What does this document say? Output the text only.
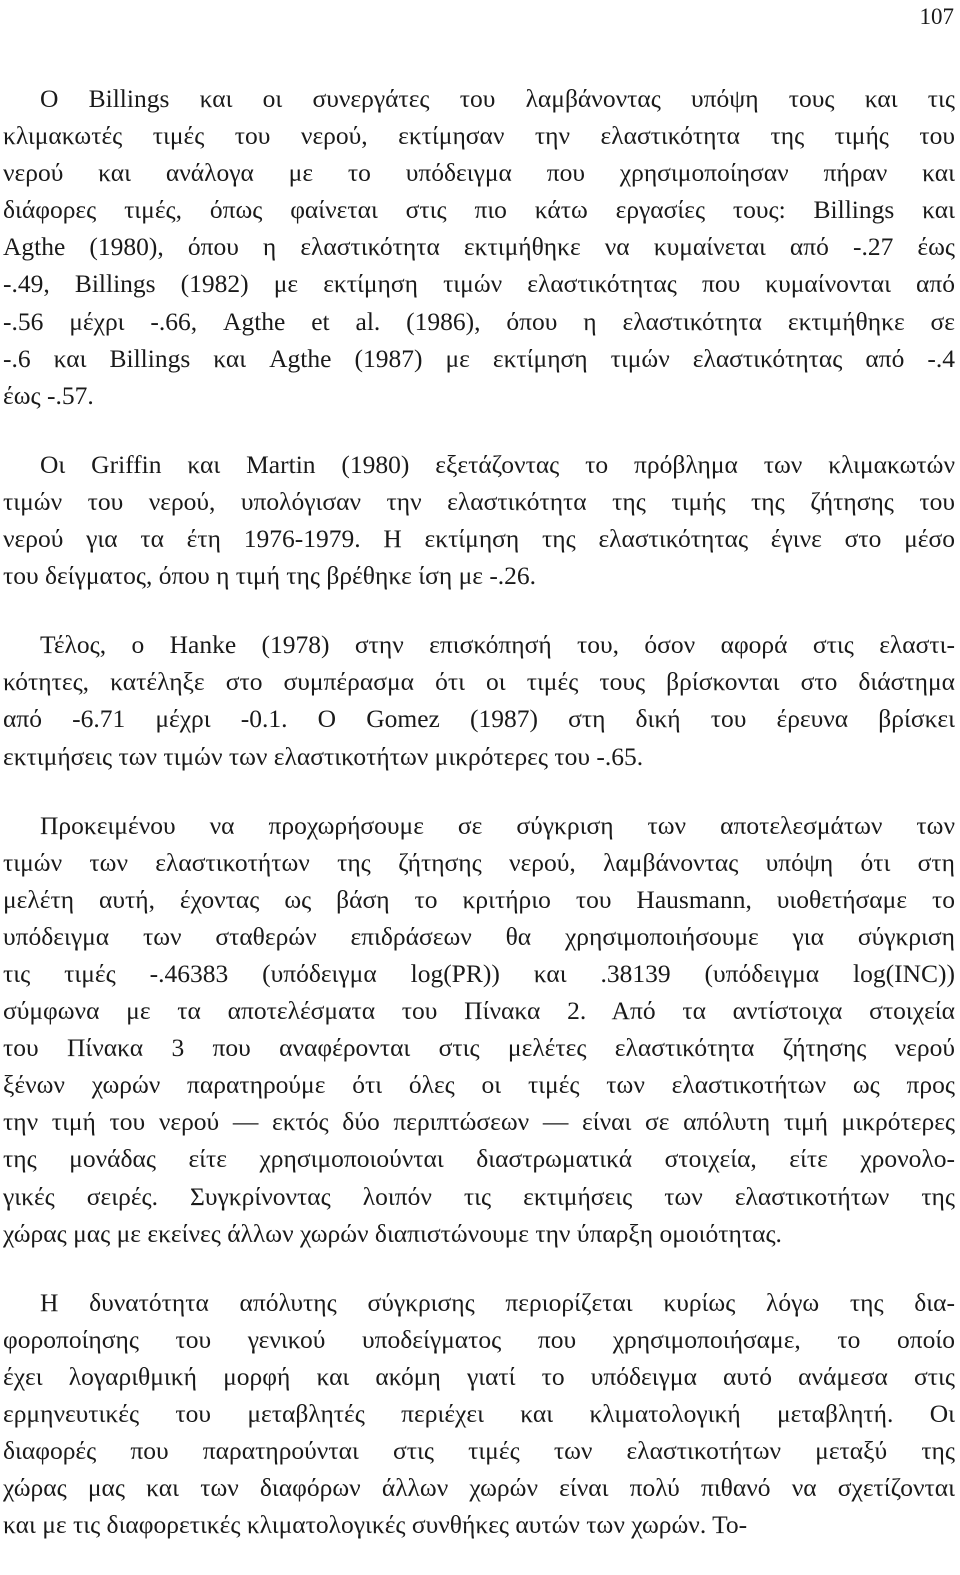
107
Ο Billings και οι συνεργάτες του λαμβάνοντας υπόψη τους και τις
κλιμακωτές τιμές του νερού, εκτίμησαν την ελαστικότητα της τιμής του
νερού και ανάλογα με το υπόδειγμα που χρησιμοποίησαν πήραν και
διάφορες τιμές, όπως φαίνεται στις πιο κάτω εργασίες τους: Billings και
Agthe (1980), όπου η ελαστικότητα εκτιμήθηκε να κυμαίνεται από -.27 έως
-.49, Billings (1982) με εκτίμηση τιμών ελαστικότητας που κυμαίνονται από
-.56 μέχρι -.66, Agthe et al. (1986), όπου η ελαστικότητα εκτιμήθηκε σε
-.6 και Billings και Agthe (1987) με εκτίμηση τιμών ελαστικότητας από -.4
έως -.57.
Οι Griffin και Martin (1980) εξετάζοντας το πρόβλημα των κλιμακωτών
τιμών του νερού, υπολόγισαν την ελαστικότητα της τιμής της ζήτησης του
νερού για τα έτη 1976-1979. Η εκτίμηση της ελαστικότητας έγινε στο μέσο
του δείγματος, όπου η τιμή της βρέθηκε ίση με -.26.
Τέλος, ο Hanke (1978) στην επισκόπησή του, όσον αφορά στις ελαστι-
κότητες, κατέληξε στο συμπέρασμα ότι οι τιμές τους βρίσκονται στο διάστημα
από -6.71 μέχρι -0.1. Ο Gomez (1987) στη δική του έρευνα βρίσκει
εκτιμήσεις των τιμών των ελαστικοτήτων μικρότερες του -.65.
Προκειμένου να προχωρήσουμε σε σύγκριση των αποτελεσμάτων των
τιμών των ελαστικοτήτων της ζήτησης νερού, λαμβάνοντας υπόψη ότι στη
μελέτη αυτή, έχοντας ως βάση το κριτήριο του Hausmann, υιοθετήσαμε το
υπόδειγμα των σταθερών επιδράσεων θα χρησιμοποιήσουμε για σύγκριση
τις τιμές -.46383 (υπόδειγμα log(PR)) και .38139 (υπόδειγμα log(INC))
σύμφωνα με τα αποτελέσματα του Πίνακα 2. Από τα αντίστοιχα στοιχεία
του Πίνακα 3 που αναφέρονται στις μελέτες ελαστικότητα ζήτησης νερού
ξένων χωρών παρατηρούμε ότι όλες οι τιμές των ελαστικοτήτων ως προς
την τιμή του νερού — εκτός δύο περιπτώσεων — είναι σε απόλυτη τιμή μικρότερες
της μονάδας είτε χρησιμοποιούνται διαστρωματικά στοιχεία, είτε χρονολο-
γικές σειρές. Συγκρίνοντας λοιπόν τις εκτιμήσεις των ελαστικοτήτων της
χώρας μας με εκείνες άλλων χωρών διαπιστώνουμε την ύπαρξη ομοιότητας.
Η δυνατότητα απόλυτης σύγκρισης περιορίζεται κυρίως λόγω της δια-
φοροποίησης του γενικού υποδείγματος που χρησιμοποιήσαμε, το οποίο
έχει λογαριθμική μορφή και ακόμη γιατί το υπόδειγμα αυτό ανάμεσα στις
ερμηνευτικές του μεταβλητές περιέχει και κλιματολογική μεταβλητή. Οι
διαφορές που παρατηρούνται στις τιμές των ελαστικοτήτων μεταξύ της
χώρας μας και των διαφόρων άλλων χωρών είναι πολύ πιθανό να σχετίζονται
και με τις διαφορετικές κλιματολογικές συνθήκες αυτών των χωρών. Το-
